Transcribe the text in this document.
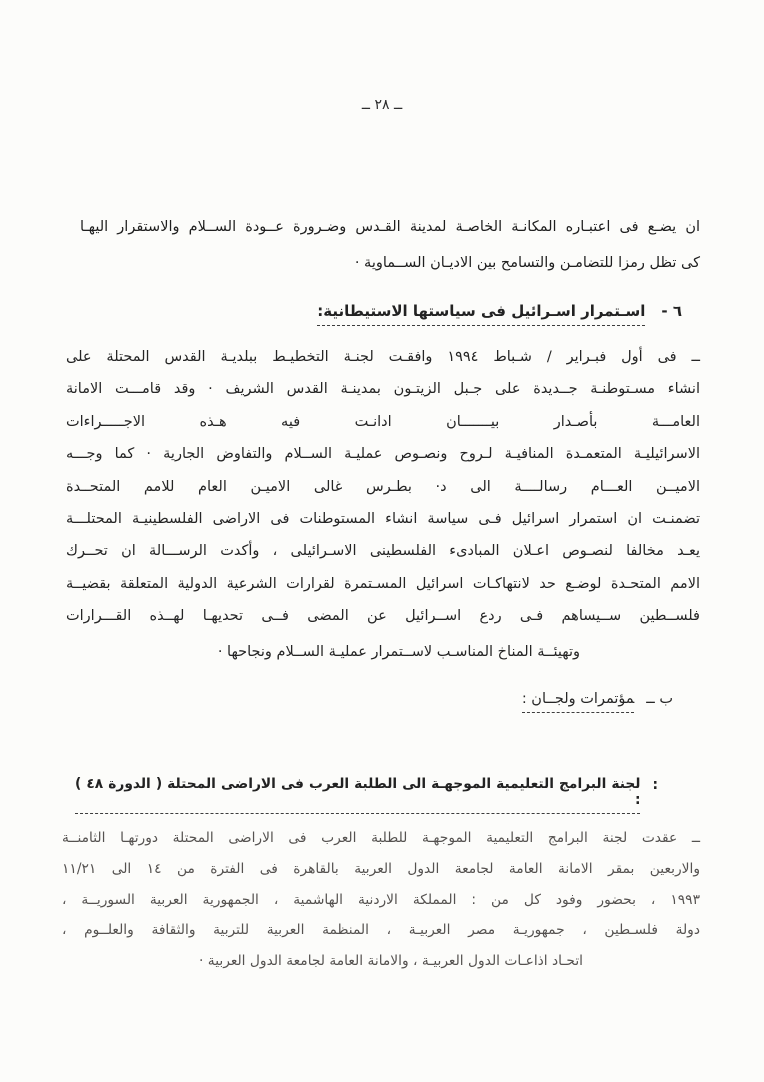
ــ ٢٨ ــ
ان يضـع فى اعتبـاره المكانـة الخاصـة لمدينة القـدس وضـرورة عــودة الســلام والاستقرار اليهـا
كى تظل رمزا للتضامـن والتسامح بين الاديـان الســماوية ·
٦ -اسـتمرار اسـرائيل فى سياستها الاستيطانية:
ــ فى أول فبـراير / شـباط ١٩٩٤ وافقـت لجنـة التخطيـط ببلديـة القدس المحتلة على
انشاء مسـتوطنـة جــديدة على جـبل الزيتـون بمدينـة القدس الشريف · وقد قامـــت الامانة
العامـــة بأصـدار بيـــــــان ادانـت فيه هـذه الاجـــــراءات
الاسرائيليـة المتعمـدة المنافيـة لـروح ونصـوص عمليـة الســلام والتفاوض الجارية · كما وجـــه
الاميــن العـــام رسالــــة الى د· بطـرس غالى الاميـن العام للامم المتحــدة
تضمنـت ان استمرار اسرائيل فـى سياسة انشاء المستوطنات فى الاراضى الفلسطينيـة المحتلـــة
يعـد مخالفا لنصـوص اعـلان المبادىء الفلسطينى الاسـرائيلى ، وأكدت الرســـالة ان تحــرك
الامم المتحـدة لوضـع حد لانتهاكـات اسرائيل المسـتمرة لقرارات الشرعية الدولية المتعلقة بقضيــة
فلســطين ســيساهم فـى ردع اســرائيل عن المضى فــى تحديهـا لهــذه القـــرارات
وتهيئــة المناخ المناسـب لاســتمرار عمليـة الســلام ونجاحها ·
ب ــمؤتمرات ولجــان :
:
لجنة البرامج التعليمية الموجهـة الى الطلبة العرب فى الاراضى المحتلة ( الدورة ٤٨ ) :
ــ عقدت لجنة البرامج التعليمية الموجهـة للطلبة العرب فى الاراضى المحتلة دورتهـا الثامنــة
والاربعين بمقر الامانة العامة لجامعة الدول العربية بالقاهرة فى الفترة من ١٤ الى ١١/٢١
١٩٩٣ ، بحضور وفود كل من : المملكة الاردنية الهاشمية ، الجمهورية العربية السوريــة ،
دولة فلسـطين ، جمهوريـة مصر العربيـة ، المنظمة العربية للتربية والثقافة والعلــوم ،
اتحـاد اذاعـات الدول العربيـة ، والامانة العامة لجامعة الدول العربية ·
